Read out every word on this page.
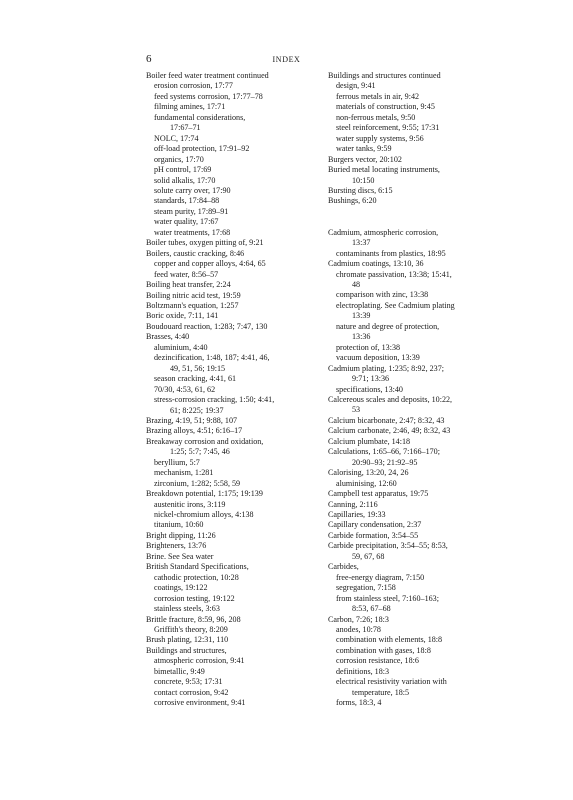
6	INDEX
Boiler feed water treatment continued
erosion corrosion, 17:77
feed systems corrosion, 17:77–78
filming amines, 17:71
fundamental considerations,
17:67–71
NOLC, 17:74
off-load protection, 17:91–92
organics, 17:70
pH control, 17:69
solid alkalis, 17:70
solute carry over, 17:90
standards, 17:84–88
steam purity, 17:89–91
water quality, 17:67
water treatments, 17:68
Boiler tubes, oxygen pitting of, 9:21
Boilers, caustic cracking, 8:46
copper and copper alloys, 4:64, 65
feed water, 8:56–57
Boiling heat transfer, 2:24
Boiling nitric acid test, 19:59
Boltzmann's equation, 1:257
Boric oxide, 7:11, 141
Boudouard reaction, 1:283; 7:47, 130
Brasses, 4:40
aluminium, 4:40
dezincification, 1:48, 187; 4:41, 46,
49, 51, 56; 19:15
season cracking, 4:41, 61
70/30, 4:53, 61, 62
stress-corrosion cracking, 1:50; 4:41,
61; 8:225; 19:37
Brazing, 4:19, 51; 9:88, 107
Brazing alloys, 4:51; 6:16–17
Breakaway corrosion and oxidation,
1:25; 5:7; 7:45, 46
beryllium, 5:7
mechanism, 1:281
zirconium, 1:282; 5:58, 59
Breakdown potential, 1:175; 19:139
austenitic irons, 3:119
nickel-chromium alloys, 4:138
titanium, 10:60
Bright dipping, 11:26
Brighteners, 13:76
Brine. See Sea water
British Standard Specifications,
cathodic protection, 10:28
coatings, 19:122
corrosion testing, 19:122
stainless steels, 3:63
Brittle fracture, 8:59, 96, 208
Griffith's theory, 8:209
Brush plating, 12:31, 110
Buildings and structures,
atmospheric corrosion, 9:41
bimetallic, 9:49
concrete, 9:53; 17:31
contact corrosion, 9:42
corrosive environment, 9:41
Buildings and structures continued
design, 9:41
ferrous metals in air, 9:42
materials of construction, 9:45
non-ferrous metals, 9:50
steel reinforcement, 9:55; 17:31
water supply systems, 9:56
water tanks, 9:59
Burgers vector, 20:102
Buried metal locating instruments,
10:150
Bursting discs, 6:15
Bushings, 6:20
Cadmium, atmospheric corrosion,
13:37
contaminants from plastics, 18:95
Cadmium coatings, 13:10, 36
chromate passivation, 13:38; 15:41,
48
comparison with zinc, 13:38
electroplating. See Cadmium plating
13:39
nature and degree of protection,
13:36
protection of, 13:38
vacuum deposition, 13:39
Cadmium plating, 1:235; 8:92, 237;
9:71; 13:36
specifications, 13:40
Calcereous scales and deposits, 10:22,
53
Calcium bicarbonate, 2:47; 8:32, 43
Calcium carbonate, 2:46, 49; 8:32, 43
Calcium plumbate, 14:18
Calculations, 1:65–66, 7:166–170;
20:90–93; 21:92–95
Calorising, 13:20, 24, 26
aluminising, 12:60
Campbell test apparatus, 19:75
Canning, 2:116
Capillaries, 19:33
Capillary condensation, 2:37
Carbide formation, 3:54–55
Carbide precipitation, 3:54–55; 8:53,
59, 67, 68
Carbides,
free-energy diagram, 7:150
segregation, 7:158
from stainless steel, 7:160–163;
8:53, 67–68
Carbon, 7:26; 18:3
anodes, 10:78
combination with elements, 18:8
combination with gases, 18:8
corrosion resistance, 18:6
definitions, 18:3
electrical resistivity variation with
temperature, 18:5
forms, 18:3, 4
